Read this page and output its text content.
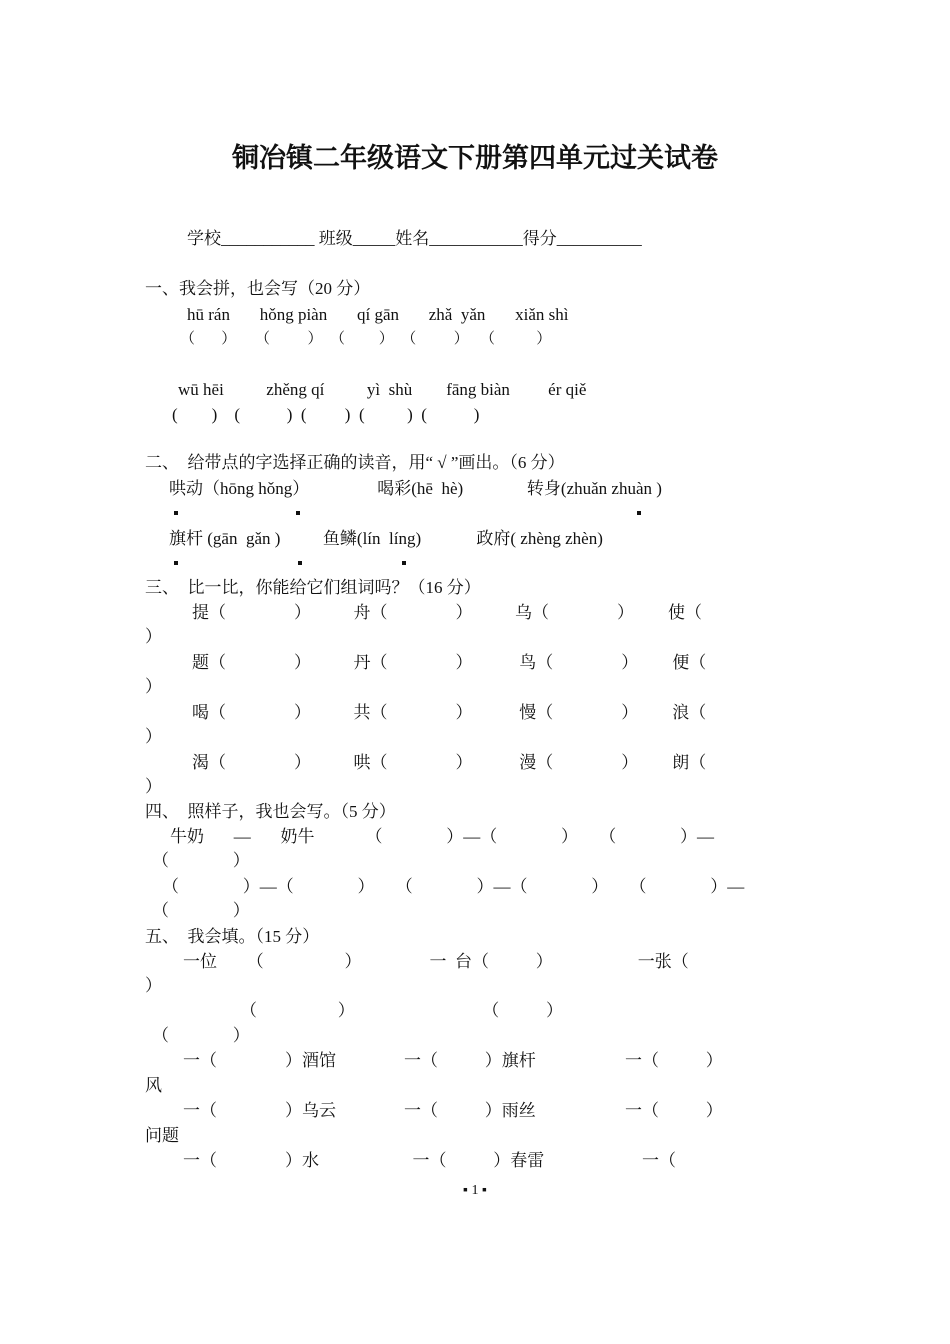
铜冶镇二年级语文下册第四单元过关试卷
学校___________ 班级_____姓名___________得分__________
一、我会拼，也会写（20 分）
hū rán       hǒng piàn       qí gān       zhǎ  yǎn       xiǎn shì
（       ）     （          ）  （         ）  （          ）   （           ）
wū hēi          zhěng qí          yì  shù        fāng biàn         ér qiě
(        )    (           )  (         )  (          )  (           )
二、  给带点的字选择正确的读音，用“ √ ”画出。（6 分）
哄动（hōng hǒng）                喝彩(hē  hè)               转身(zhuǎn zhuàn )
旗杆 (gān  gǎn )          鱼鳞(lín  líng)             政府( zhèng zhèn)
三、  比一比，你能给它们组词吗？（16 分）
提（                ）          舟（                ）          乌（                ）        使（
）
题（                ）          丹（                ）           鸟（                ）        便（
）
喝（                ）          共（                ）           慢（                ）        浪（
）
渴（                ）          哄（                ）           漫（                ）        朗（
）
四、  照样子，我也会写。（5 分）
牛奶       —       奶牛            （               ）—（               ）     （               ）—
（               ）
（               ）—（               ）     （               ）—（               ）     （               ）—
（               ）
五、  我会填。（15 分）
一位       （                   ）                一  台（           ）                    一张（
）
（                   ）                              （           ）
（               ）
一（                ）酒馆                一（           ）旗杆                     一（           ）
风
一（                ）乌云                一（           ）雨丝                     一（           ）
问题
一（                ）水                      一（           ）春雷                       一（
▪ 1 ▪
